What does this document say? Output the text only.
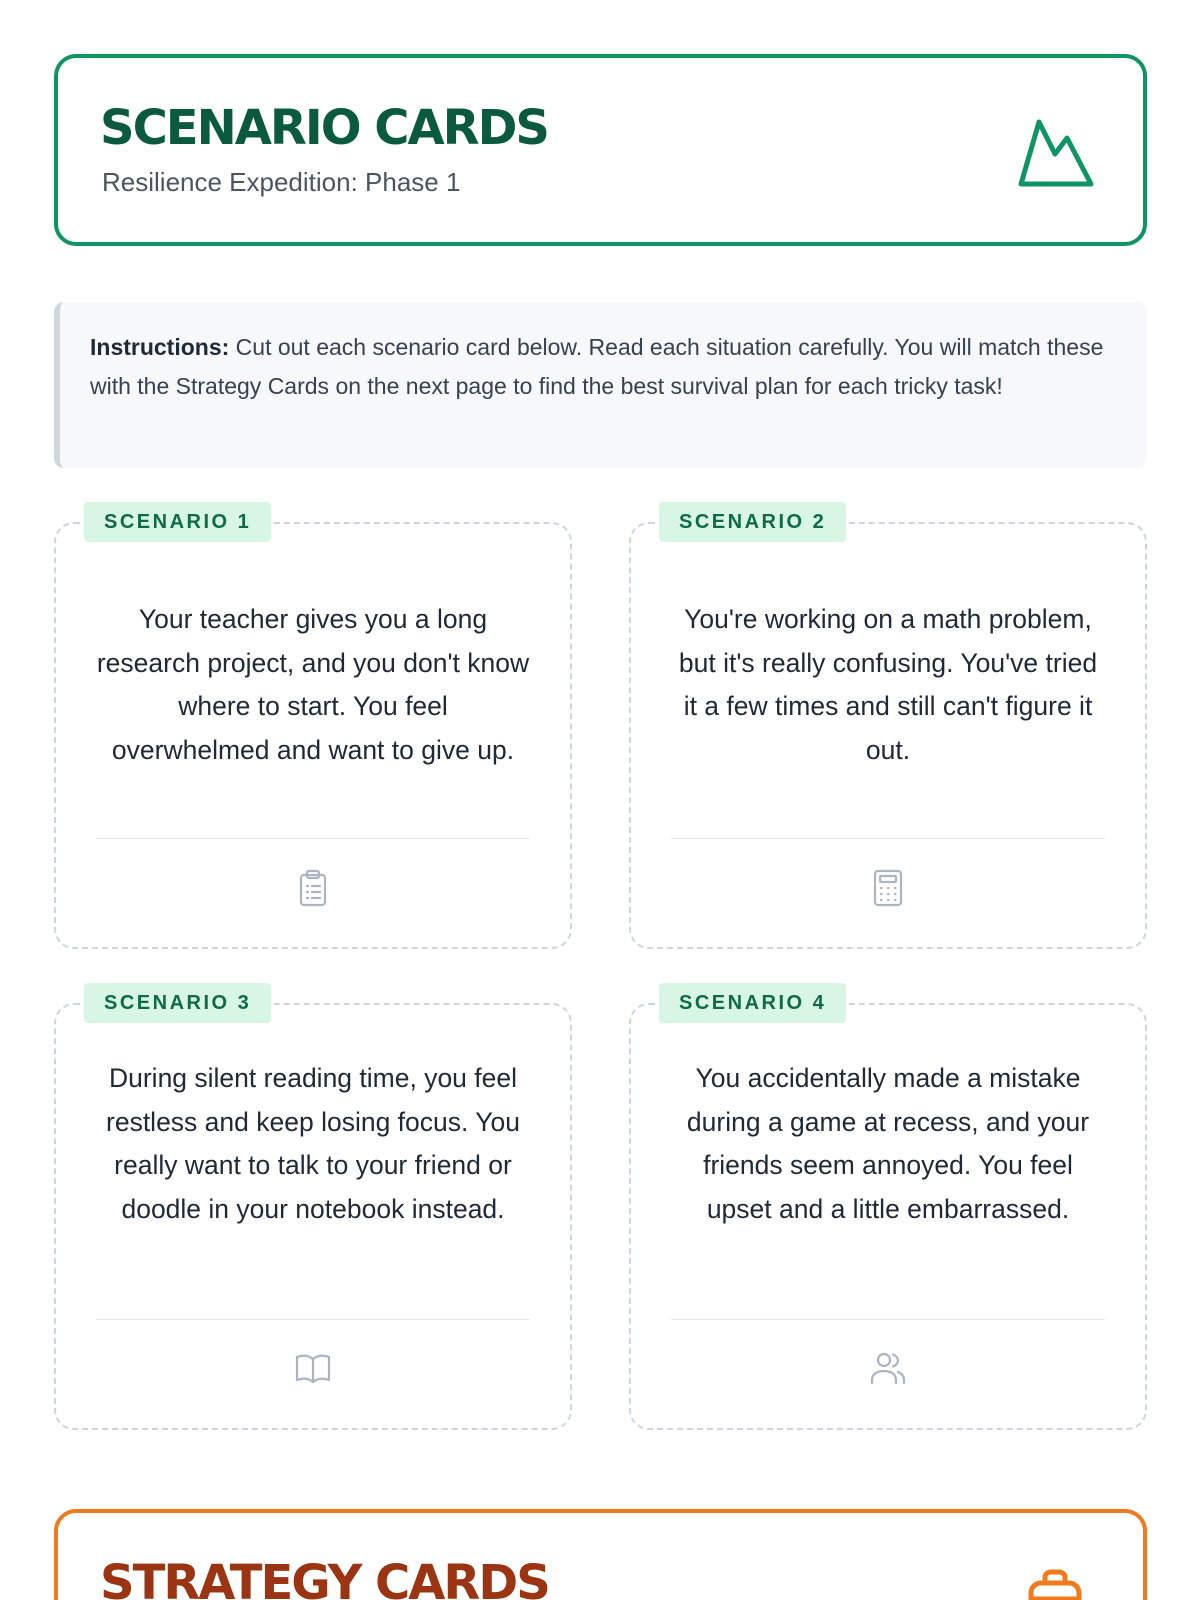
SCENARIO CARDS
Resilience Expedition: Phase 1
Instructions: Cut out each scenario card below. Read each situation carefully. You will match these with the Strategy Cards on the next page to find the best survival plan for each tricky task!
SCENARIO 1
Your teacher gives you a long research project, and you don't know where to start. You feel overwhelmed and want to give up.
SCENARIO 2
You're working on a math problem, but it's really confusing. You've tried it a few times and still can't figure it out.
SCENARIO 3
During silent reading time, you feel restless and keep losing focus. You really want to talk to your friend or doodle in your notebook instead.
SCENARIO 4
You accidentally made a mistake during a game at recess, and your friends seem annoyed. You feel upset and a little embarrassed.
STRATEGY CARDS
